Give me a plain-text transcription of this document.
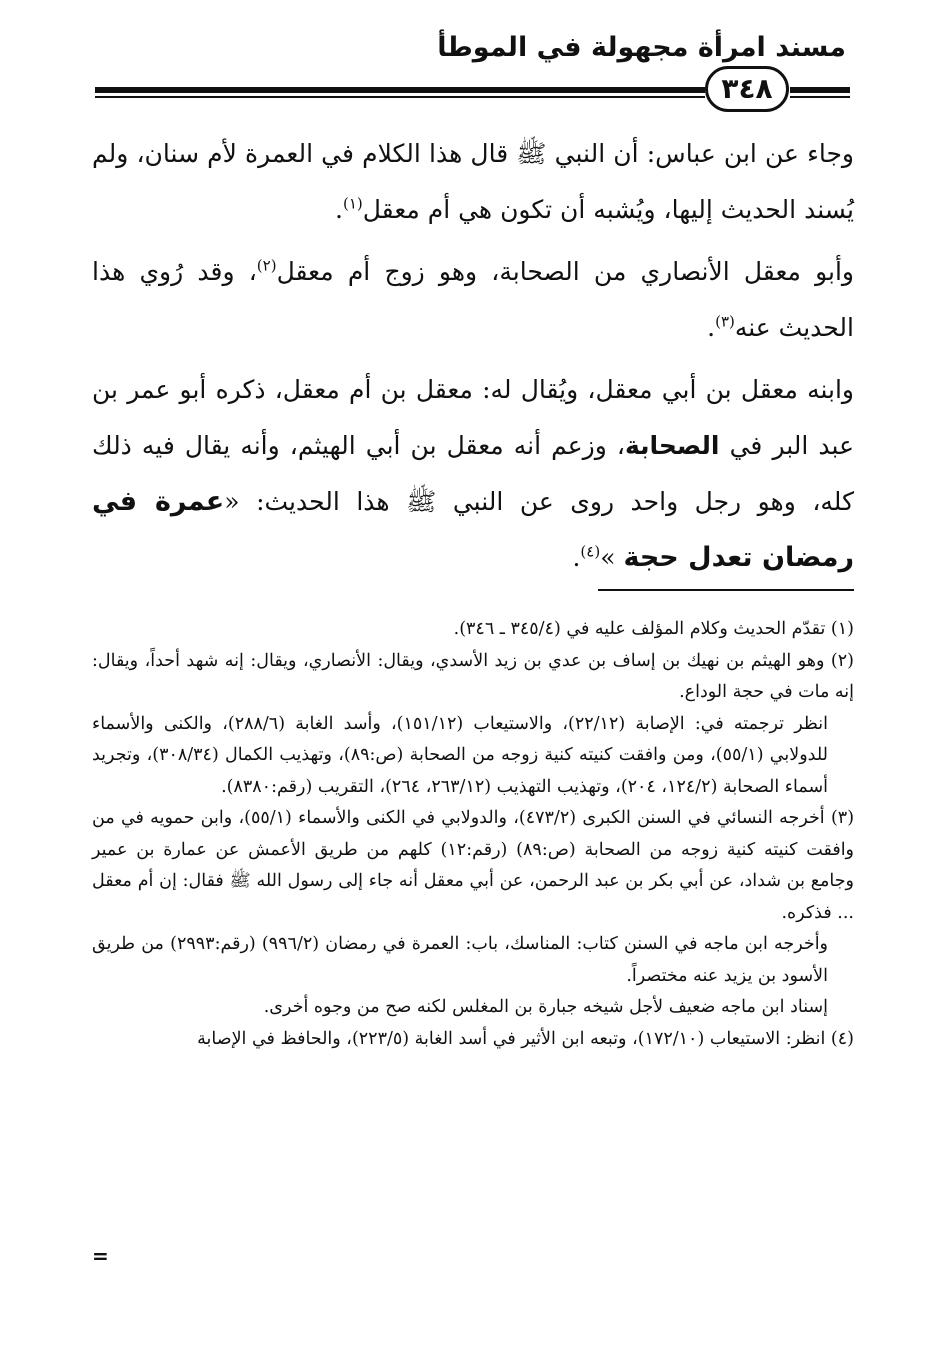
مسند امرأة مجهولة في الموطأ
٣٤٨

وجاء عن ابن عباس: أن النبي ﷺ قال هذا الكلام في العمرة لأم سنان، ولم يُسند الحديث إليها، ويُشبه أن تكون هي أم معقل$^{(١)}$.

وأبو معقل الأنصاري من الصحابة، وهو زوج أم معقل$^{(٢)}$، وقد رُوي هذا الحديث عنه$^{(٣)}$.

وابنه معقل بن أبي معقل، ويُقال له: معقل بن أم معقل، ذكره أبو عمر بن عبد البر في الصحابة، وزعم أنه معقل بن أبي الهيثم، وأنه يقال فيه ذلك كله، وهو رجل واحد روى عن النبي ﷺ هذا الحديث: «عمرة في رمضان تعدل حجة »$^{(٤)}$.

(١) تقدّم الحديث وكلام المؤلف عليه في (٣٤٥/٤ ـ ٣٤٦).

(٢) وهو الهيثم بن نهيك بن إساف بن عدي بن زيد الأسدي، ويقال: الأنصاري، ويقال: إنه شهد أحداً، ويقال: إنه مات في حجة الوداع.

انظر ترجمته في: الإصابة (٢٢/١٢)، والاستيعاب (١٥١/١٢)، وأسد الغابة (٢٨٨/٦)، والكنى والأسماء للدولابي (٥٥/١)، ومن وافقت كنيته كنية زوجه من الصحابة (ص:٨٩)، وتهذيب الكمال (٣٠٨/٣٤)، وتجريد أسماء الصحابة (١٢٤/٢، ٢٠٤)، وتهذيب التهذيب (٢٦٣/١٢، ٢٦٤)، التقريب (رقم:٨٣٨٠).

(٣) أخرجه النسائي في السنن الكبرى (٤٧٣/٢)، والدولابي في الكنى والأسماء (٥٥/١)، وابن حمويه في من وافقت كنيته كنية زوجه من الصحابة (ص:٨٩) (رقم:١٢) كلهم من طريق الأعمش عن عمارة بن عمير وجامع بن شداد، عن أبي بكر بن عبد الرحمن، عن أبي معقل أنه جاء إلى رسول الله ﷺ فقال: إن أم معقل ... فذكره.

وأخرجه ابن ماجه في السنن كتاب: المناسك، باب: العمرة في رمضان (٩٩٦/٢) (رقم:٢٩٩٣) من طريق الأسود بن يزيد عنه مختصراً.

إسناد ابن ماجه ضعيف لأجل شيخه جبارة بن المغلس لكنه صح من وجوه أخرى.

(٤) انظر: الاستيعاب (١٧٢/١٠)، وتبعه ابن الأثير في أسد الغابة (٢٢٣/٥)، والحافظ في الإصابة

=
